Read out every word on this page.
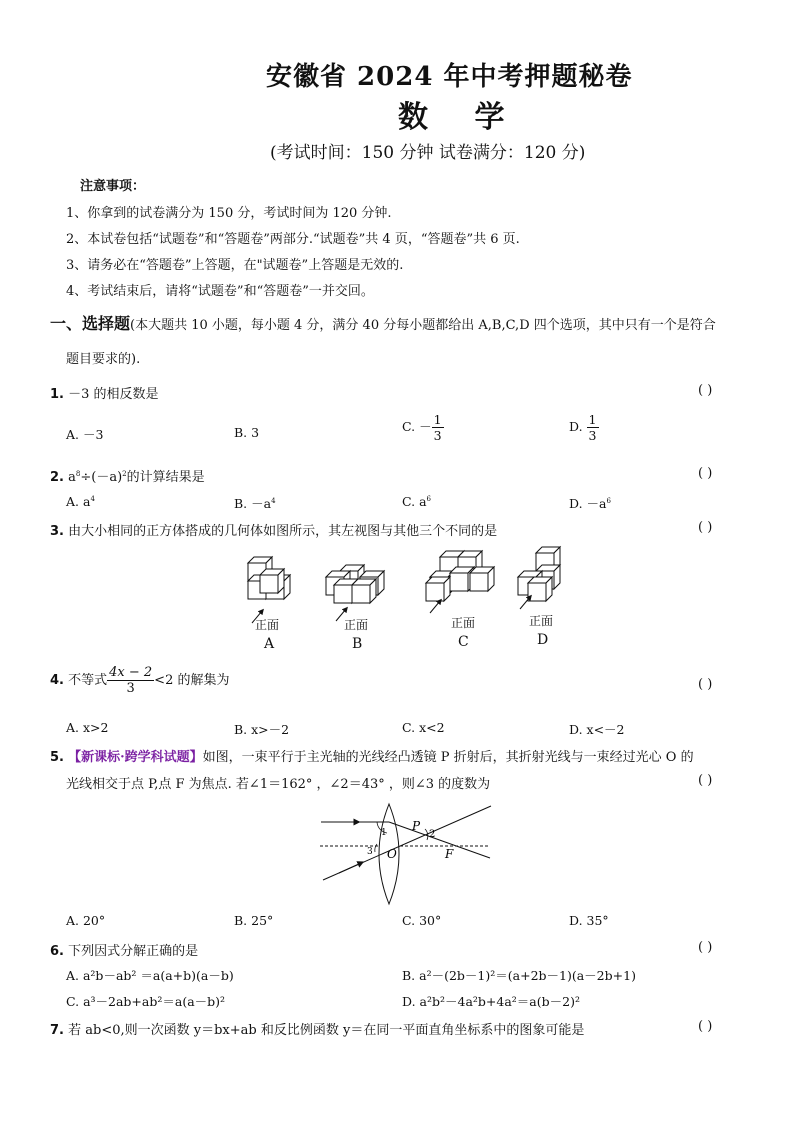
安徽省 2024 年中考押题秘卷
数 学
(考试时间：150 分钟 试卷满分：120 分)
注意事项：
1、你拿到的试卷满分为 150 分，考试时间为 120 分钟.
2、本试卷包括“试题卷”和“答题卷”两部分.“试题卷”共 4 页，“答题卷”共 6 页.
3、请务必在“答题卷”上答题，在"试题卷”上答题是无效的.
4、考试结束后，请将“试题卷”和“答题卷”一并交回。
一、选择题(本大题共 10 小题，每小题 4 分，满分 40 分每小题都给出 A,B,C,D 四个选项，其中只有一个是符合
题目要求的).
1. －3 的相反数是	( )
A. －3	B. 3	C. － $\frac{1}{3}$	D. $\frac{1}{3}$
2. $a^8\div(-a)^2$的计算结果是	( )
A. $a^4$	B. $-a^4$	C. $a^6$	D. $-a^6$
3. 由大小相同的正方体搭成的几何体如图所示，其左视图与其他三个不同的是	( )
正面	正面	正面	正面
A	B	C	D
4. 不等式 $\frac{4x - 2}{3} <2$ 的解集为	( )
A. x>2	B. x>－2	C. x<2	D. x<－2
5. 【新课标·跨学科试题】如图，一束平行于主光轴的光线经凸透镜 P 折射后，其折射光线与一束经过光心 O 的
光线相交于点 P,点 F 为焦点. 若∠1＝162° ，∠2＝43° ，则∠3 的度数为	( )
1	2
3
P
O	F
A. 20°	B. 25°	C. 30°	D. 35°
6. 下列因式分解正确的是	( )
A. a²b－ab² ＝a(a+b)(a－b)	B. a²－(2b－1)²＝(a+2b－1)(a－2b+1)
C. a³－2ab+ab²＝a(a－b)²	D. a²b²－4a²b+4a²＝a(b－2)²
7. 若 ab<0,则一次函数 y＝bx+ab 和反比例函数 y＝在同一平面直角坐标系中的图象可能是	( )
